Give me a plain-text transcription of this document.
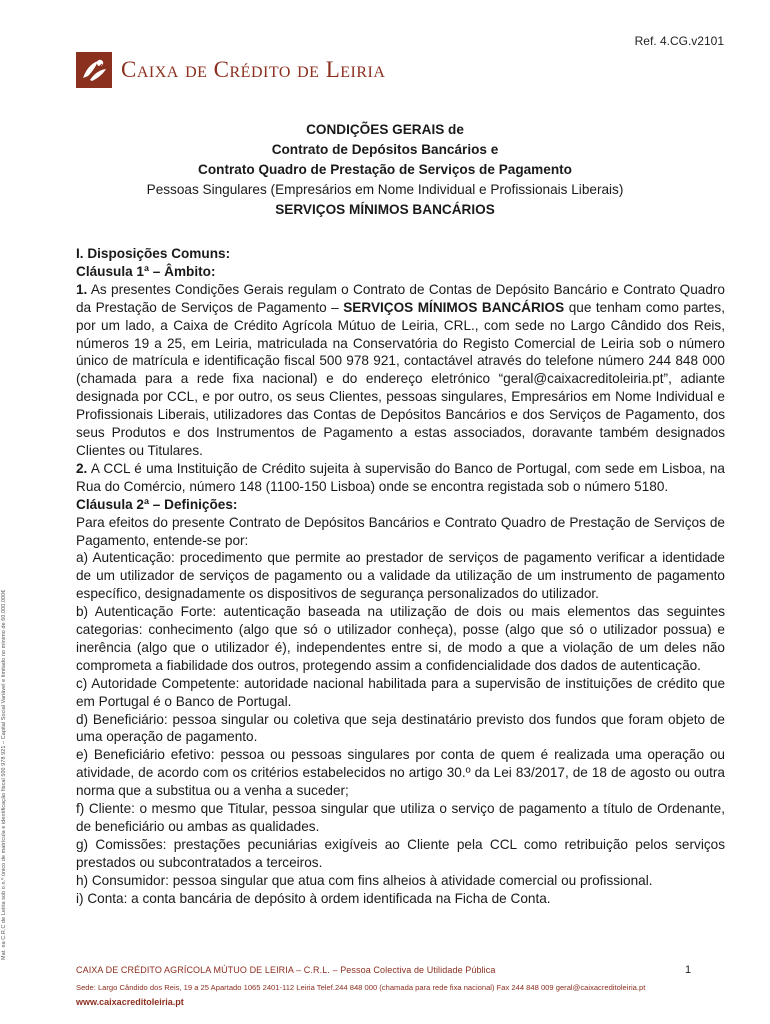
Ref. 4.CG.v2101
Caixa de Crédito de Leiria
CONDIÇÕES GERAIS de
Contrato de Depósitos Bancários e
Contrato Quadro de Prestação de Serviços de Pagamento
Pessoas Singulares (Empresários em Nome Individual e Profissionais Liberais)
SERVIÇOS MÍNIMOS BANCÁRIOS

I. Disposições Comuns:

Cláusula 1ª – Âmbito:

1. As presentes Condições Gerais regulam o Contrato de Contas de Depósito Bancário e Contrato Quadro da Prestação de Serviços de Pagamento – SERVIÇOS MÍNIMOS BANCÁRIOS que tenham como partes, por um lado, a Caixa de Crédito Agrícola Mútuo de Leiria, CRL., com sede no Largo Cândido dos Reis, números 19 a 25, em Leiria, matriculada na Conservatória do Registo Comercial de Leiria sob o número único de matrícula e identificação fiscal 500 978 921, contactável através do telefone número 244 848 000 (chamada para a rede fixa nacional) e do endereço eletrónico “geral@caixacreditoleiria.pt”, adiante designada por CCL, e por outro, os seus Clientes, pessoas singulares, Empresários em Nome Individual e Profissionais Liberais, utilizadores das Contas de Depósitos Bancários e dos Serviços de Pagamento, dos seus Produtos e dos Instrumentos de Pagamento a estas associados, doravante também designados Clientes ou Titulares.

2. A CCL é uma Instituição de Crédito sujeita à supervisão do Banco de Portugal, com sede em Lisboa, na Rua do Comércio, número 148 (1100-150 Lisboa) onde se encontra registada sob o número 5180.

Cláusula 2ª – Definições:

Para efeitos do presente Contrato de Depósitos Bancários e Contrato Quadro de Prestação de Serviços de Pagamento, entende-se por:

a) Autenticação: procedimento que permite ao prestador de serviços de pagamento verificar a identidade de um utilizador de serviços de pagamento ou a validade da utilização de um instrumento de pagamento específico, designadamente os dispositivos de segurança personalizados do utilizador.

b) Autenticação Forte: autenticação baseada na utilização de dois ou mais elementos das seguintes categorias: conhecimento (algo que só o utilizador conheça), posse (algo que só o utilizador possua) e inerência (algo que o utilizador é), independentes entre si, de modo a que a violação de um deles não comprometa a fiabilidade dos outros, protegendo assim a confidencialidade dos dados de autenticação.

c) Autoridade Competente: autoridade nacional habilitada para a supervisão de instituições de crédito que em Portugal é o Banco de Portugal.

d) Beneficiário: pessoa singular ou coletiva que seja destinatário previsto dos fundos que foram objeto de uma operação de pagamento.

e) Beneficiário efetivo: pessoa ou pessoas singulares por conta de quem é realizada uma operação ou atividade, de acordo com os critérios estabelecidos no artigo 30.º da Lei 83/2017, de 18 de agosto ou outra norma que a substitua ou a venha a suceder;

f) Cliente: o mesmo que Titular, pessoa singular que utiliza o serviço de pagamento a título de Ordenante, de beneficiário ou ambas as qualidades.

g) Comissões: prestações pecuniárias exigíveis ao Cliente pela CCL como retribuição pelos serviços prestados ou subcontratados a terceiros.

h) Consumidor: pessoa singular que atua com fins alheios à atividade comercial ou profissional.

i) Conta: a conta bancária de depósito à ordem identificada na Ficha de Conta.

Mat. na C.R.C de Leiria sob o n.º único de matrícula e identificação fiscal 500 978 921 – Capital Social Variável e limitado no mínimo de 60.000.000€
CAIXA DE CRÉDITO AGRÍCOLA MÚTUO DE LEIRIA – C.R.L. – Pessoa Colectiva de Utilidade Pública	1
Sede: Largo Cândido dos Reis, 19 a 25 Apartado 1065 2401-112 Leiria Telef.244 848 000 (chamada para rede fixa nacional) Fax 244 848 009 geral@caixacreditoleiria.pt
www.caixacreditoleiria.pt
